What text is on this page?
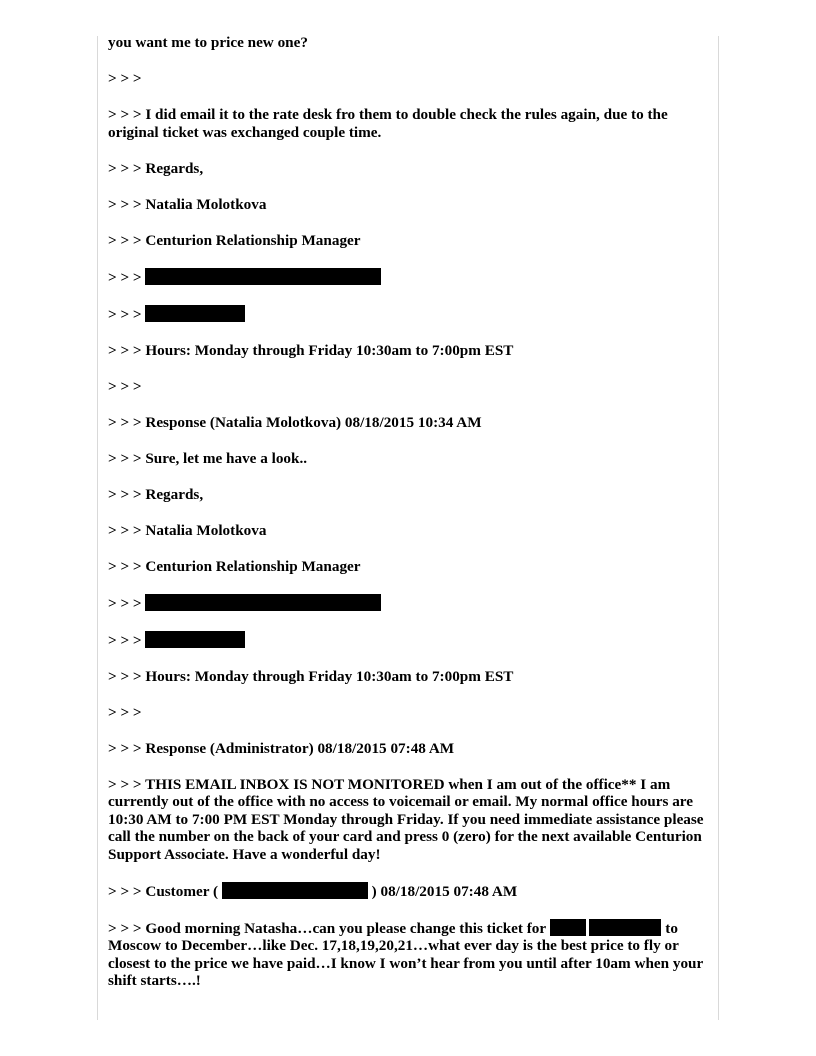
you want me to price new one?
> > >
> > > I did email it to the rate desk fro them to double check the rules again, due to the original ticket was exchanged couple time.
> > > Regards,
> > > Natalia Molotkova
> > > Centurion Relationship Manager
> > >
> > >
> > > Hours: Monday through Friday 10:30am to 7:00pm EST
> > >
> > > Response (Natalia Molotkova) 08/18/2015 10:34 AM
> > > Sure, let me have a look..
> > > Regards,
> > > Natalia Molotkova
> > > Centurion Relationship Manager
> > >
> > >
> > > Hours: Monday through Friday 10:30am to 7:00pm EST
> > >
> > > Response (Administrator) 08/18/2015 07:48 AM
> > > THIS EMAIL INBOX IS NOT MONITORED when I am out of the office** I am currently out of the office with no access to voicemail or email. My normal office hours are 10:30 AM to 7:00 PM EST Monday through Friday. If you need immediate assistance please call the number on the back of your card and press 0 (zero) for the next available Centurion Support Associate. Have a wonderful day!
> > > Customer (	) 08/18/2015 07:48 AM
> > > Good morning Natasha…can you please change this ticket for	to Moscow to December…like Dec. 17,18,19,20,21…what ever day is the best price to fly or closest to the price we have paid…I know I won’t hear from you until after 10am when your shift starts….!
